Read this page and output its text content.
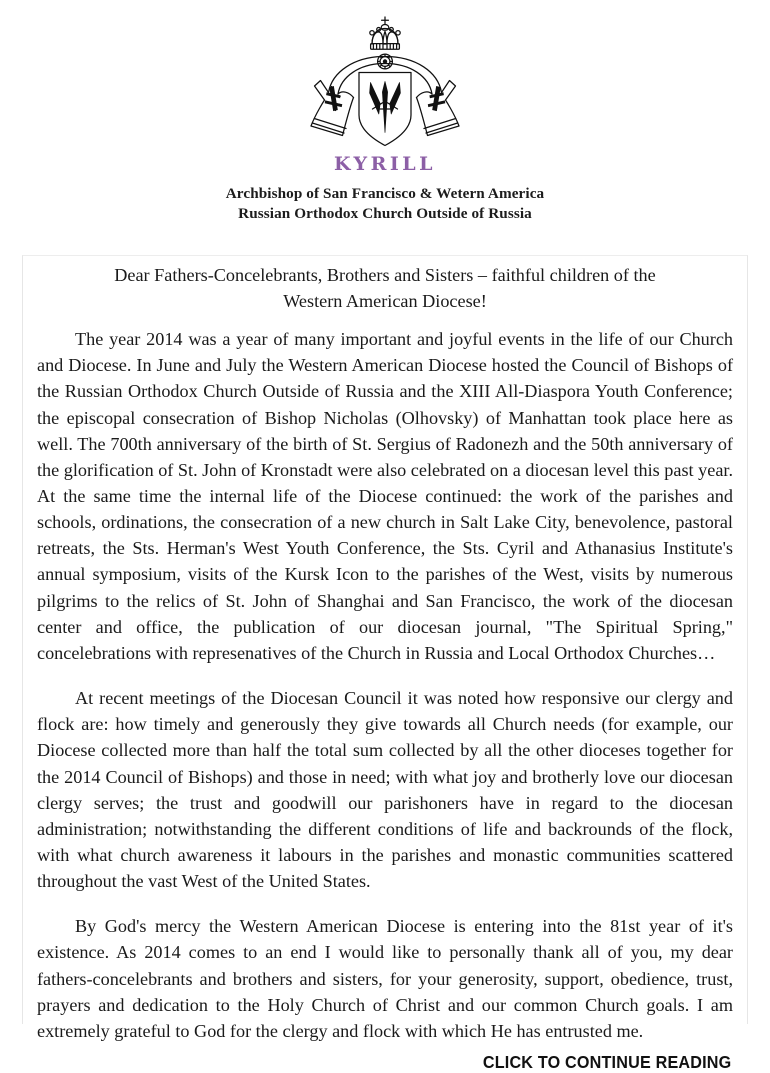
KYRILL
Archbishop of San Francisco & Wetern America
Russian Orthodox Church Outside of Russia
Dear Fathers-Concelebrants, Brothers and Sisters – faithful children of the
Western American Diocese!

The year 2014 was a year of many important and joyful events in the life of our Church and Diocese. In June and July the Western American Diocese hosted the Council of Bishops of the Russian Orthodox Church Outside of Russia and the XIII All-Diaspora Youth Conference; the episcopal consecration of Bishop Nicholas (Olhovsky) of Manhattan took place here as well. The 700th anniversary of the birth of St. Sergius of Radonezh and the 50th anniversary of the glorification of St. John of Kronstadt were also celebrated on a diocesan level this past year. At the same time the internal life of the Diocese continued: the work of the parishes and schools, ordinations, the consecration of a new church in Salt Lake City, benevolence, pastoral retreats, the Sts. Herman's West Youth Conference, the Sts. Cyril and Athanasius Institute's annual symposium, visits of the Kursk Icon to the parishes of the West, visits by numerous pilgrims to the relics of St. John of Shanghai and San Francisco, the work of the diocesan center and office, the publication of our diocesan journal, "The Spiritual Spring," concelebrations with represenatives of the Church in Russia and Local Orthodox Churches…

At recent meetings of the Diocesan Council it was noted how responsive our clergy and flock are: how timely and generously they give towards all Church needs (for example, our Diocese collected more than half the total sum collected by all the other dioceses together for the 2014 Council of Bishops) and those in need; with what joy and brotherly love our diocesan clergy serves; the trust and goodwill our parishoners have in regard to the diocesan administration; notwithstanding the different conditions of life and backrounds of the flock, with what church awareness it labours in the parishes and monastic communities scattered throughout the vast West of the United States.

By God's mercy the Western American Diocese is entering into the 81st year of it's existence. As 2014 comes to an end I would like to personally thank all of you, my dear fathers-concelebrants and brothers and sisters, for your generosity, support, obedience, trust, prayers and dedication to the Holy Church of Christ and our common Church goals. I am extremely grateful to God for the clergy and flock with which He has entrusted me.

CLICK TO CONTINUE READING
